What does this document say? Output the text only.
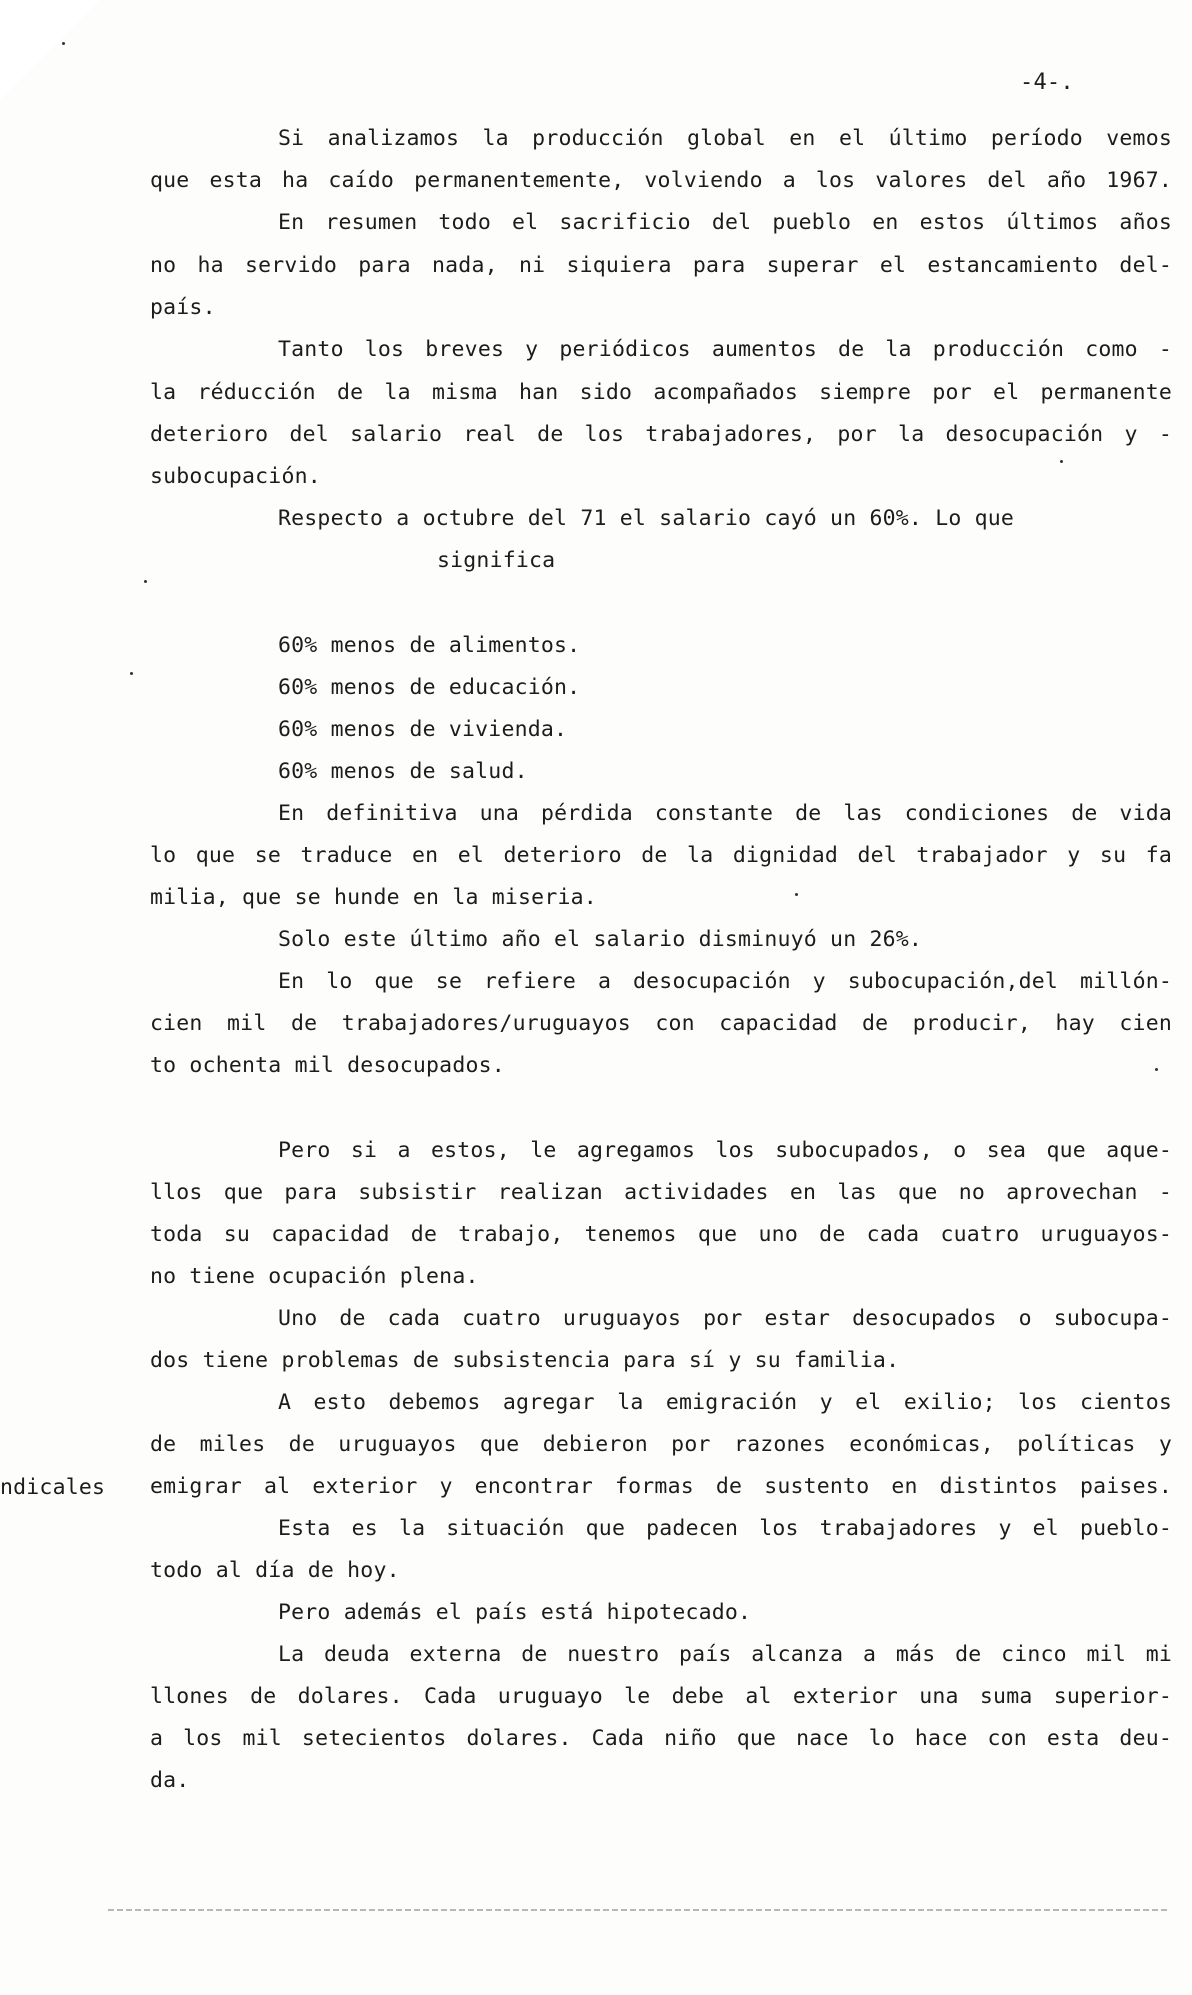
-4-.
ndicales
Si analizamos la producción global en el último período vemos
que esta ha caído permanentemente, volviendo a los valores del año 1967.
En resumen todo el sacrificio del pueblo en estos últimos años
no ha servido para nada, ni siquiera para superar el estancamiento del-
país.
Tanto los breves y periódicos aumentos de la producción como -
la réducción de la misma han sido acompañados siempre por el permanente
deterioro del salario real de los trabajadores, por la desocupación y -
subocupación.
Respecto a octubre del 71 el salario cayó un 60%. Lo que
significa
60% menos de alimentos.
60% menos de educación.
60% menos de vivienda.
60% menos de salud.
En definitiva una pérdida constante de las condiciones de vida
lo que se traduce en el deterioro de la dignidad del trabajador y su fa
milia, que se hunde en la miseria.
Solo este último año el salario disminuyó un 26%.
En lo que se refiere a desocupación y subocupación,del millón-
cien mil de trabajadores/uruguayos con capacidad de producir, hay cien
to ochenta mil desocupados.
Pero si a estos, le agregamos los subocupados, o sea que aque-
llos que para subsistir realizan actividades en las que no aprovechan -
toda su capacidad de trabajo, tenemos que uno de cada cuatro uruguayos-
no tiene ocupación plena.
Uno de cada cuatro uruguayos por estar desocupados o subocupa-
dos tiene problemas de subsistencia para sí y su familia.
A esto debemos agregar la emigración y el exilio; los cientos
de miles de uruguayos que debieron por razones económicas, políticas y
emigrar al exterior y encontrar formas de sustento en distintos paises.
Esta es la situación que padecen los trabajadores y el pueblo-
todo al día de hoy.
Pero además el país está hipotecado.
La deuda externa de nuestro país alcanza a más de cinco mil mi
llones de dolares. Cada uruguayo le debe al exterior una suma superior-
a los mil setecientos dolares. Cada niño que nace lo hace con esta deu-
da.
